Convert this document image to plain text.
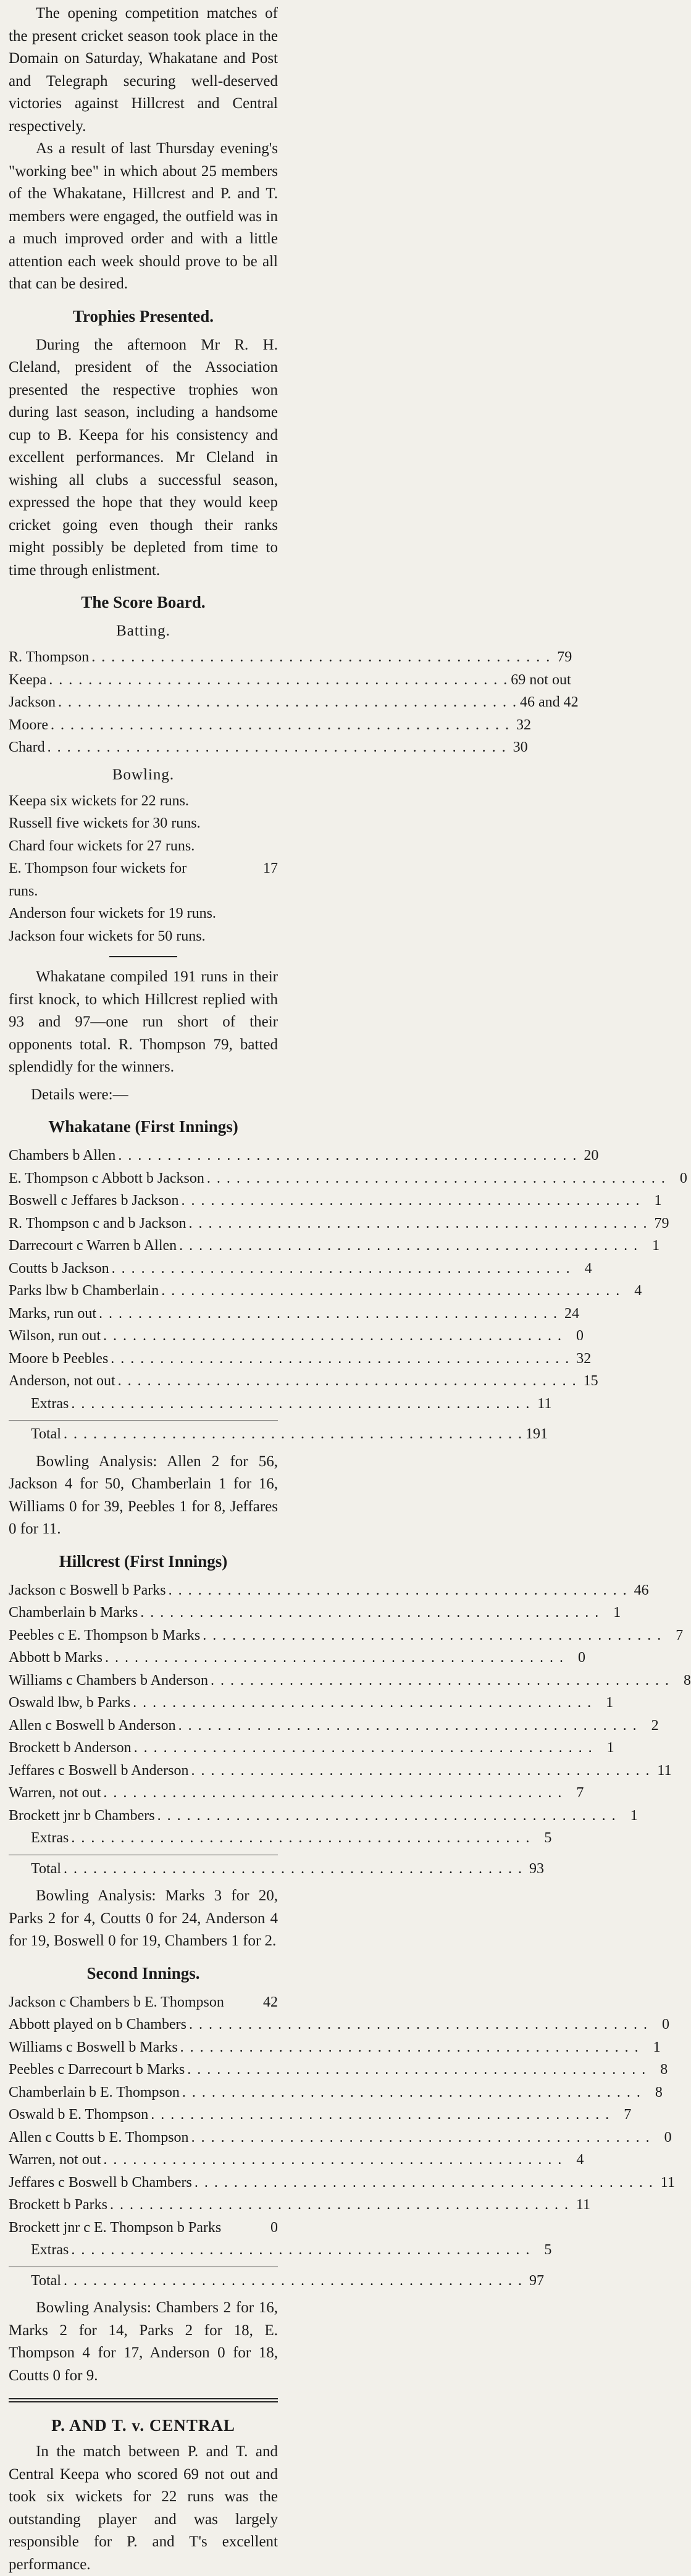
The opening competition matches of the present cricket season took place in the Domain on Saturday, Whakatane and Post and Telegraph securing well-deserved victories against Hillcrest and Central respectively.

As a result of last Thursday evening's "working bee" in which about 25 members of the Whakatane, Hillcrest and P. and T. members were engaged, the outfield was in a much improved order and with a little attention each week should prove to be all that can be desired.

Trophies Presented.

During the afternoon Mr R. H. Cleland, president of the Association presented the respective trophies won during last season, including a handsome cup to B. Keepa for his consistency and excellent performances. Mr Cleland in wishing all clubs a successful season, expressed the hope that they would keep cricket going even though their ranks might possibly be depleted from time to time through enlistment.

The Score Board.
Batting.
R. Thompson . . .	79
Keepa . . .	69 not out
Jackson . . .	46 and 42
Moore . . .	32
Chard . . .	30
Bowling.
Keepa six wickets for 22 runs.
Russell five wickets for 30 runs.
Chard four wickets for 27 runs.
E. Thompson four wickets for
runs.
17
Anderson four wickets for 19 runs.
Jackson four wickets for 50 runs.

Whakatane compiled 191 runs in their first knock, to which Hillcrest replied with 93 and 97—one run short of their opponents total. R. Thompson 79, batted splendidly for the winners.

Details were:—
Whakatane (First Innings)
Chambers b Allen . . .	20
E. Thompson c Abbott b Jackson . . .	0
Boswell c Jeffares b Jackson . . .	1
R. Thompson c and b Jackson . . .	79
Darrecourt c Warren b Allen . . .	1
Coutts b Jackson . . .	4
Parks lbw b Chamberlain . . .	4
Marks, run out . . .	24
Wilson, run out . . .	0
Moore b Peebles . . .	32
Anderson, not out . . .	15
Extras . . .	11
Total . . .	191

Bowling Analysis: Allen 2 for 56, Jackson 4 for 50, Chamberlain 1 for 16, Williams 0 for 39, Peebles 1 for 8, Jeffares 0 for 11.

Hillcrest (First Innings)
Jackson c Boswell b Parks . . .	46
Chamberlain b Marks . . .	1
Peebles c E. Thompson b Marks . . .	7
Abbott b Marks . . .	0
Williams c Chambers b Anderson . . .	8
Oswald lbw, b Parks . . .	1
Allen c Boswell b Anderson . . .	2
Brockett b Anderson . . .	1
Jeffares c Boswell b Anderson . . .	11
Warren, not out . . .	7
Brockett jnr b Chambers . . .	1
Extras . . .	5
Total . . .	93

Bowling Analysis: Marks 3 for 20, Parks 2 for 4, Coutts 0 for 24, Anderson 4 for 19, Boswell 0 for 19, Chambers 1 for 2.

Second Innings.
Jackson c Chambers b E. Thompson	42
Abbott played on b Chambers . . .	0
Williams c Boswell b Marks . . .	1
Peebles c Darrecourt b Marks . . .	8
Chamberlain b E. Thompson . . .	8
Oswald b E. Thompson . . .	7
Allen c Coutts b E. Thompson . . .	0
Warren, not out . . .	4
Jeffares c Boswell b Chambers . . .	11
Brockett b Parks . . .	11
Brockett jnr c E. Thompson b Parks	0
Extras . . .	5
Total . . .	97

Bowling Analysis: Chambers 2 for 16, Marks 2 for 14, Parks 2 for 18, E. Thompson 4 for 17, Anderson 0 for 18, Coutts 0 for 9.

P. AND T. v. CENTRAL

In the match between P. and T. and Central Keepa who scored 69 not out and took six wickets for 22 runs was the outstanding player and was largely responsible for P. and T's excellent performance.
